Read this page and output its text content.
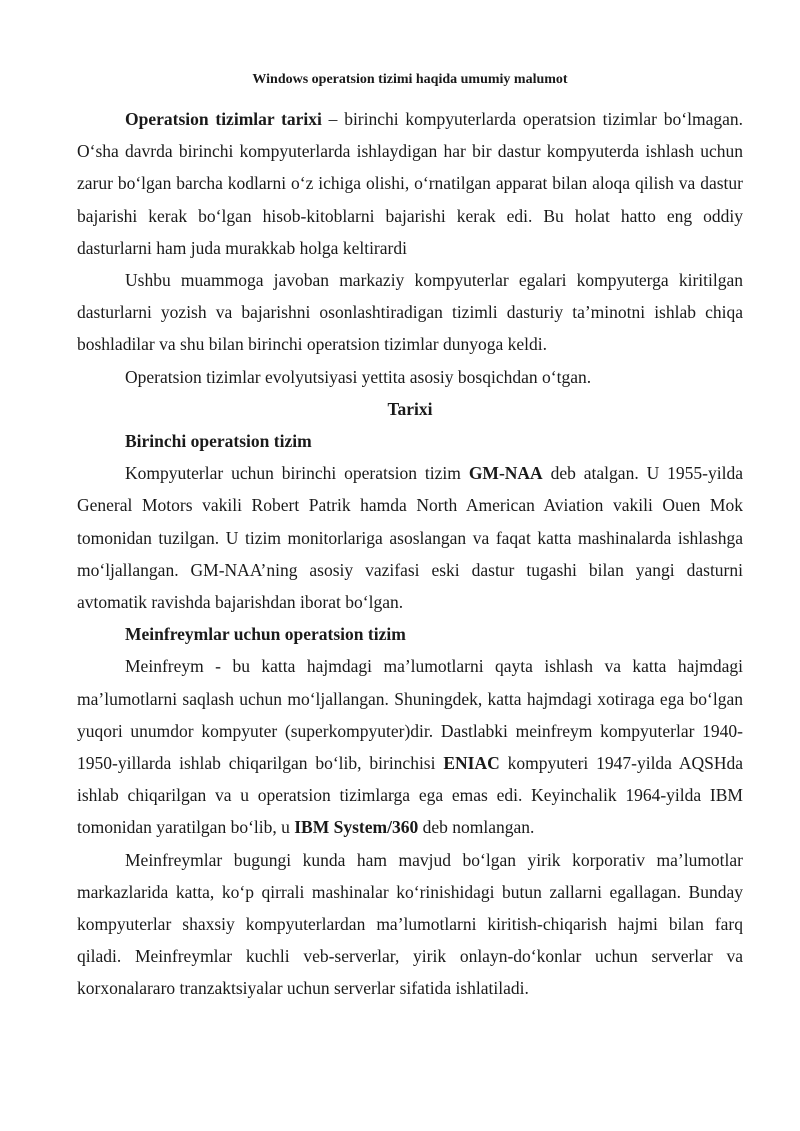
Windows operatsion tizimi haqida umumiy malumot

Operatsion tizimlar tarixi – birinchi kompyuterlarda operatsion tizimlar bo‘lmagan. O‘sha davrda birinchi kompyuterlarda ishlaydigan har bir dastur kompyuterda ishlash uchun zarur bo‘lgan barcha kodlarni o‘z ichiga olishi, o‘rnatilgan apparat bilan aloqa qilish va dastur bajarishi kerak bo‘lgan hisob-kitoblarni bajarishi kerak edi. Bu holat hatto eng oddiy dasturlarni ham juda murakkab holga keltirardi

Ushbu muammoga javoban markaziy kompyuterlar egalari kompyuterga kiritilgan dasturlarni yozish va bajarishni osonlashtiradigan tizimli dasturiy ta’minotni ishlab chiqa boshladilar va shu bilan birinchi operatsion tizimlar dunyoga keldi.

Operatsion tizimlar evolyutsiyasi yettita asosiy bosqichdan o‘tgan.

Tarixi
Birinchi operatsion tizim

Kompyuterlar uchun birinchi operatsion tizim GM-NAA deb atalgan. U 1955-yilda General Motors vakili Robert Patrik hamda North American Aviation vakili Ouen Mok tomonidan tuzilgan. U tizim monitorlariga asoslangan va faqat katta mashinalarda ishlashga mo‘ljallangan. GM-NAA’ning asosiy vazifasi eski dastur tugashi bilan yangi dasturni avtomatik ravishda bajarishdan iborat bo‘lgan.

Meinfreymlar uchun operatsion tizim

Meinfreym - bu katta hajmdagi ma’lumotlarni qayta ishlash va katta hajmdagi ma’lumotlarni saqlash uchun mo‘ljallangan. Shuningdek, katta hajmdagi xotiraga ega bo‘lgan yuqori unumdor kompyuter (superkompyuter)dir. Dastlabki meinfreym kompyuterlar 1940-1950-yillarda ishlab chiqarilgan bo‘lib, birinchisi ENIAC kompyuteri 1947-yilda AQSHda ishlab chiqarilgan va u operatsion tizimlarga ega emas edi. Keyinchalik 1964-yilda IBM tomonidan yaratilgan bo‘lib, u IBM System/360 deb nomlangan.

Meinfreymlar bugungi kunda ham mavjud bo‘lgan yirik korporativ ma’lumotlar markazlarida katta, ko‘p qirrali mashinalar ko‘rinishidagi butun zallarni egallagan. Bunday kompyuterlar shaxsiy kompyuterlardan ma’lumotlarni kiritish-chiqarish hajmi bilan farq qiladi. Meinfreymlar kuchli veb-serverlar, yirik onlayn-do‘konlar uchun serverlar va korxonalararo tranzaktsiyalar uchun serverlar sifatida ishlatiladi.
